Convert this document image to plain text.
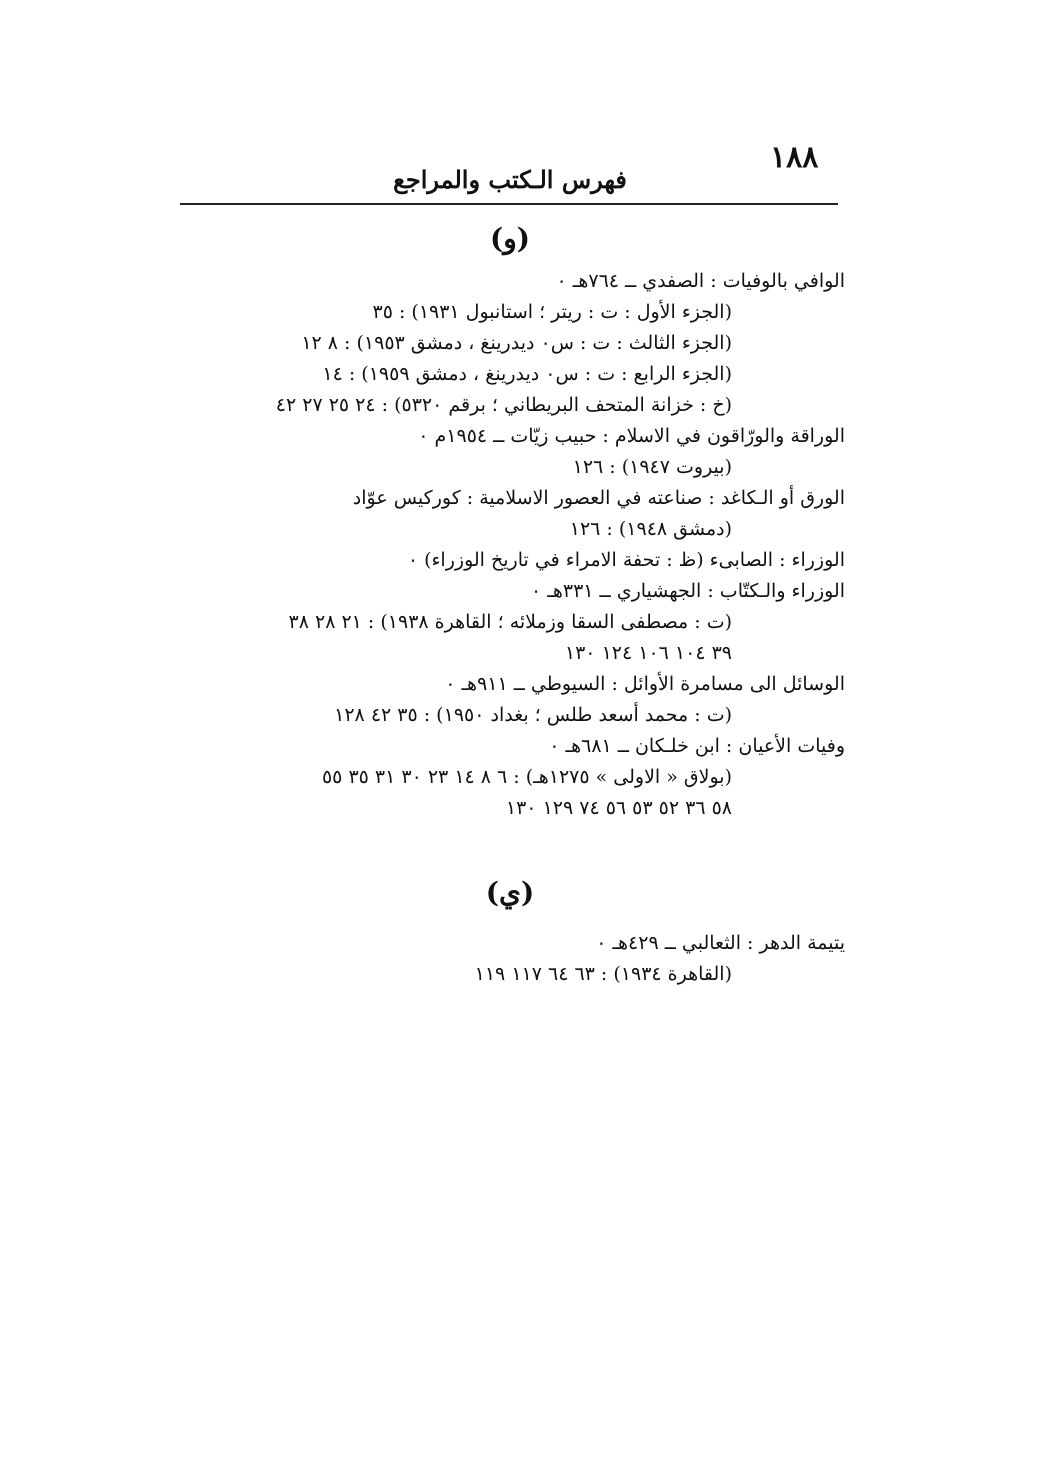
١٨٨
فهرس الـكتب والمراجع
(و)
الوافي بالوفيات : الصفدي ــ ٧٦٤هـ ٠
(الجزء الأول : ت : ريتر ؛ استانبول ١٩٣١) : ٣٥
(الجزء الثالث : ت : س٠ ديدرينغ ، دمشق ١٩٥٣) : ٨ ١٢
(الجزء الرابع : ت : س٠ ديدرينغ ، دمشق ١٩٥٩) : ١٤
(خ : خزانة المتحف البريطاني ؛ برقم ٥٣٢٠) : ٢٤ ٢٥ ٢٧ ٤٢
الوراقة والورّاقون في الاسلام : حبيب زيّات ــ ١٩٥٤م ٠
(بيروت ١٩٤٧) : ١٢٦
الورق أو الـكاغد : صناعته في العصور الاسلامية : كوركيس عوّاد
(دمشق ١٩٤٨) : ١٢٦
الوزراء : الصابىء (ظ : تحفة الامراء في تاريخ الوزراء) ٠
الوزراء والـكتّاب : الجهشياري ــ ٣٣١هـ ٠
(ت : مصطفى السقا وزملائه ؛ القاهرة ١٩٣٨) : ٢١ ٢٨ ٣٨
٣٩ ١٠٤ ١٠٦ ١٢٤ ١٣٠
الوسائل الى مسامرة الأوائل : السيوطي ــ ٩١١هـ ٠
(ت : محمد أسعد طلس ؛ بغداد ١٩٥٠) : ٣٥ ٤٢ ١٢٨
وفيات الأعيان : ابن خلـكان ــ ٦٨١هـ ٠
(بولاق « الاولى » ١٢٧٥هـ) : ٦ ٨ ١٤ ٢٣ ٣٠ ٣١ ٣٥ ٥٥
٥٨ ٣٦ ٥٢ ٥٣ ٥٦ ٧٤ ١٢٩ ١٣٠
(ي)
يتيمة الدهر : الثعالبي ــ ٤٢٩هـ ٠
(القاهرة ١٩٣٤) : ٦٣ ٦٤ ١١٧ ١١٩
